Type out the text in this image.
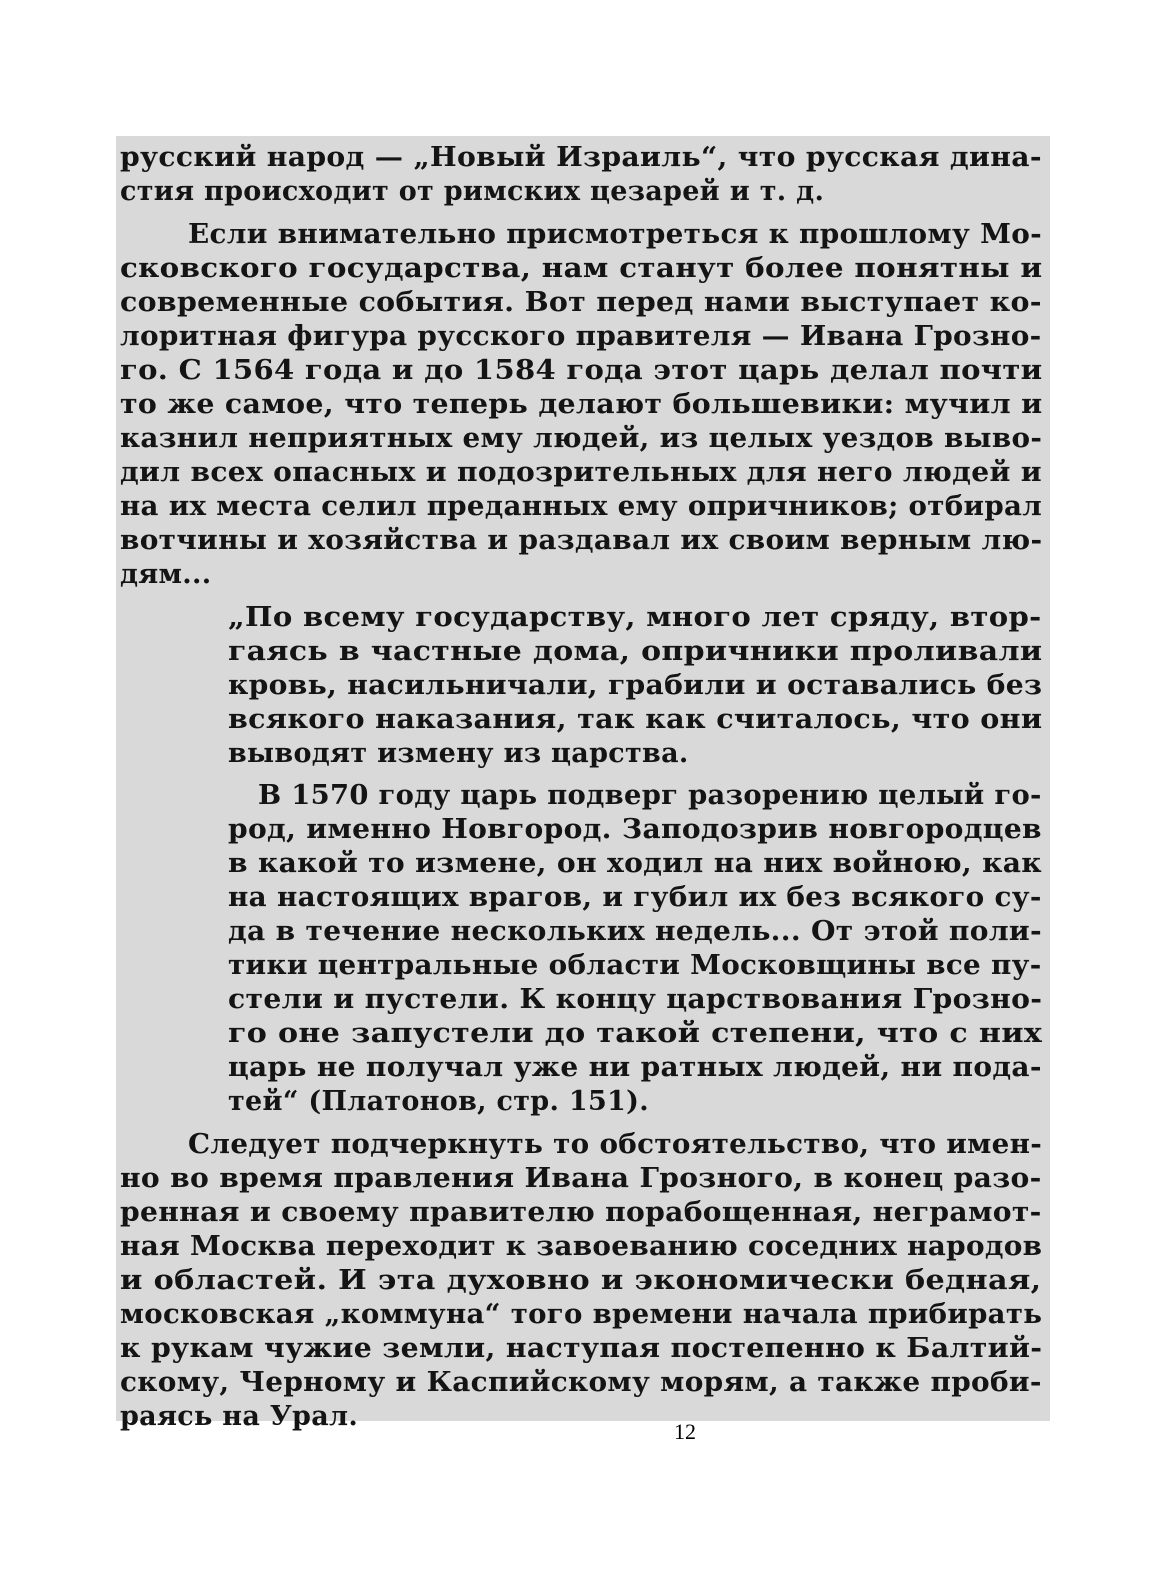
русский народ — „Новый Израиль“, что русская дина-
стия происходит от римских цезарей и т. д.
Если внимательно присмотреться к прошлому Мо-
сковского государства, нам станут более понятны и
современные события. Вот перед нами выступает ко-
лоритная фигура русского правителя — Ивана Грозно-
го. С 1564 года и до 1584 года этот царь делал почти
то же самое, что теперь делают большевики: мучил и
казнил неприятных ему людей, из целых уездов выво-
дил всех опасных и подозрительных для него людей и
на их места селил преданных ему опричников; отбирал
вотчины и хозяйства и раздавал их своим верным лю-
дям...
„По всему государству, много лет сряду, втор-
гаясь в частные дома, опричники проливали
кровь, насильничали, грабили и оставались без
всякого наказания, так как считалось, что они
выводят измену из царства.
В 1570 году царь подверг разорению целый го-
род, именно Новгород. Заподозрив новгородцев
в какой то измене, он ходил на них войною, как
на настоящих врагов, и губил их без всякого су-
да в течение нескольких недель... От этой поли-
тики центральные области Московщины все пу-
стели и пустели. К концу царствования Грозно-
го оне запустели до такой степени, что с них
царь не получал уже ни ратных людей, ни пода-
тей“ (Платонов, стр. 151).
Следует подчеркнуть то обстоятельство, что имен-
но во время правления Ивана Грозного, в конец разо-
ренная и своему правителю порабощенная, неграмот-
ная Москва переходит к завоеванию соседних народов
и областей. И эта духовно и экономически бедная,
московская „коммуна“ того времени начала прибирать
к рукам чужие земли, наступая постепенно к Балтий-
скому, Черному и Каспийскому морям, а также проби-
раясь на Урал.	12
